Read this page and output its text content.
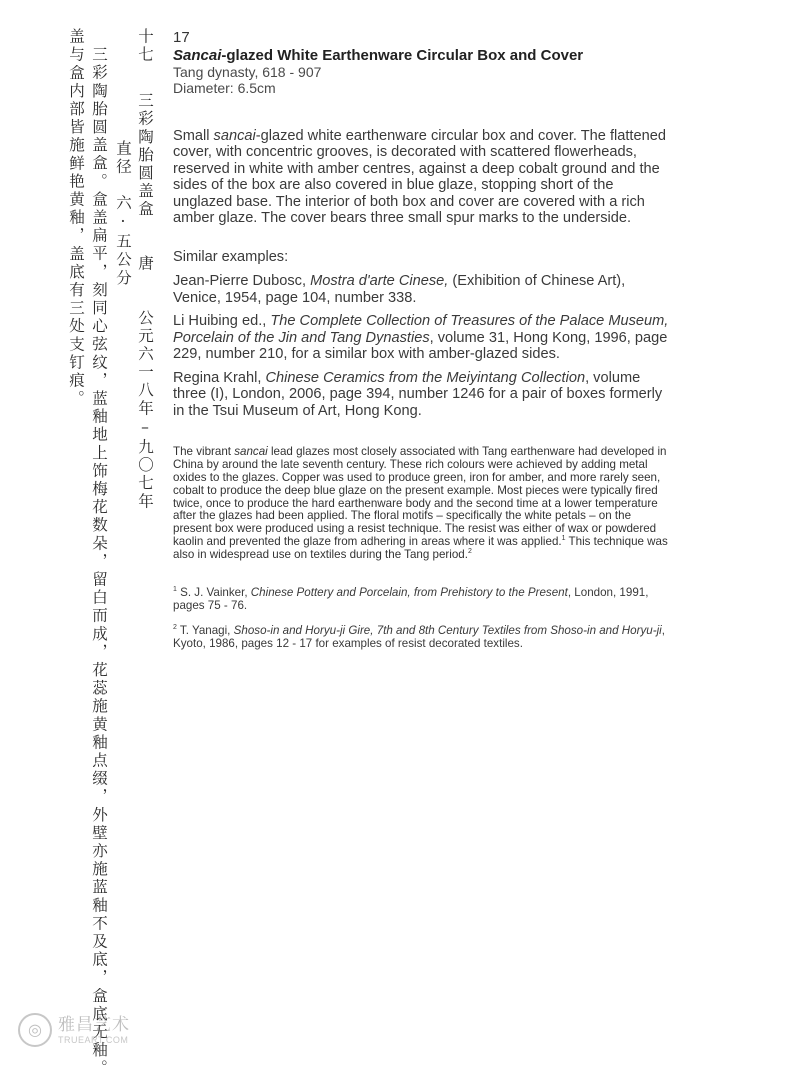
十七
三彩陶胎圆盖盒　　唐　　公元六一八年–九〇七年
直径　六·五公分
三彩陶胎圆盖盒。盒盖扁平，刻同心弦纹，蓝釉地上饰梅花数朵，留白而成，花蕊施黄釉点缀，外壁亦施蓝釉不及底，盒底无釉。
盖与盒内部皆施鲜艳黄釉，盖底有三处支钉痕。	17
Sancai-glazed White Earthenware Circular Box and Cover
Tang dynasty, 618 - 907
Diameter: 6.5cm
Small sancai-glazed white earthenware circular box and cover. The flattened cover, with concentric grooves, is decorated with scattered flowerheads, reserved in white with amber centres, against a deep cobalt ground and the sides of the box are also covered in blue glaze, stopping short of the unglazed base. The interior of both box and cover are covered with a rich amber glaze. The cover bears three small spur marks to the underside.
Similar examples:
Jean-Pierre Dubosc, Mostra d'arte Cinese, (Exhibition of Chinese Art), Venice, 1954, page 104, number 338.
Li Huibing ed., The Complete Collection of Treasures of the Palace Museum, Porcelain of the Jin and Tang Dynasties, volume 31, Hong Kong, 1996, page 229, number 210, for a similar box with amber-glazed sides.
Regina Krahl, Chinese Ceramics from the Meiyintang Collection, volume three (I), London, 2006, page 394, number 1246 for a pair of boxes formerly in the Tsui Museum of Art, Hong Kong.
The vibrant sancai lead glazes most closely associated with Tang earthenware had developed in China by around the late seventh century. These rich colours were achieved by adding metal oxides to the glazes. Copper was used to produce green, iron for amber, and more rarely seen, cobalt to produce the deep blue glaze on the present example. Most pieces were typically fired twice, once to produce the hard earthenware body and the second time at a lower temperature after the glazes had been applied. The floral motifs – specifically the white petals – on the present box were produced using a resist technique. The resist was either of wax or powdered kaolin and prevented the glaze from adhering in areas where it was applied.$^1$ This technique was also in widespread use on textiles during the Tang period.$^2$
$^1$ S. J. Vainker, Chinese Pottery and Porcelain, from Prehistory to the Present, London, 1991, pages 75 - 76.
$^2$ T. Yanagi, Shoso-in and Horyu-ji Gire, 7th and 8th Century Textiles from Shoso-in and Horyu-ji, Kyoto, 1986, pages 12 - 17 for examples of resist decorated textiles.
◎ 雅昌艺术
TRUEART.COM
